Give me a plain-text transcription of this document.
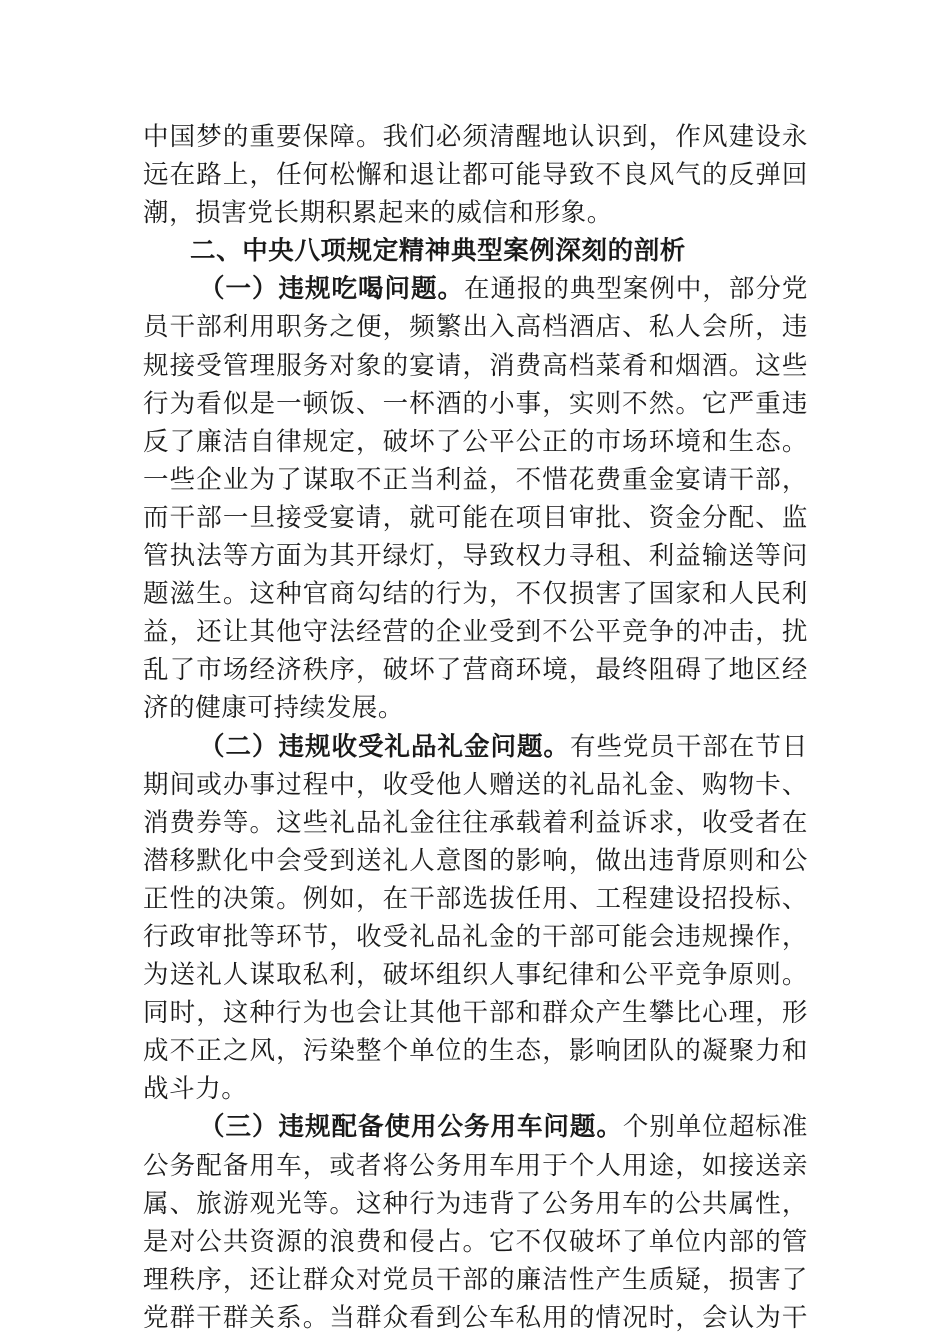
中国梦的重要保障。我们必须清醒地认识到，作风建设永
远在路上，任何松懈和退让都可能导致不良风气的反弹回
潮，损害党长期积累起来的威信和形象。
二、中央八项规定精神典型案例深刻的剖析
（一）违规吃喝问题。在通报的典型案例中，部分党
员干部利用职务之便，频繁出入高档酒店、私人会所，违
规接受管理服务对象的宴请，消费高档菜肴和烟酒。这些
行为看似是一顿饭、一杯酒的小事，实则不然。它严重违
反了廉洁自律规定，破坏了公平公正的市场环境和生态。
一些企业为了谋取不正当利益，不惜花费重金宴请干部，
而干部一旦接受宴请，就可能在项目审批、资金分配、监
管执法等方面为其开绿灯，导致权力寻租、利益输送等问
题滋生。这种官商勾结的行为，不仅损害了国家和人民利
益，还让其他守法经营的企业受到不公平竞争的冲击，扰
乱了市场经济秩序，破坏了营商环境，最终阻碍了地区经
济的健康可持续发展。
（二）违规收受礼品礼金问题。有些党员干部在节日
期间或办事过程中，收受他人赠送的礼品礼金、购物卡、
消费券等。这些礼品礼金往往承载着利益诉求，收受者在
潜移默化中会受到送礼人意图的影响，做出违背原则和公
正性的决策。例如，在干部选拔任用、工程建设招投标、
行政审批等环节，收受礼品礼金的干部可能会违规操作，
为送礼人谋取私利，破坏组织人事纪律和公平竞争原则。
同时，这种行为也会让其他干部和群众产生攀比心理，形
成不正之风，污染整个单位的生态，影响团队的凝聚力和
战斗力。
（三）违规配备使用公务用车问题。个别单位超标准
公务配备用车，或者将公务用车用于个人用途，如接送亲
属、旅游观光等。这种行为违背了公务用车的公共属性，
是对公共资源的浪费和侵占。它不仅破坏了单位内部的管
理秩序，还让群众对党员干部的廉洁性产生质疑，损害了
党群干群关系。当群众看到公车私用的情况时，会认为干
